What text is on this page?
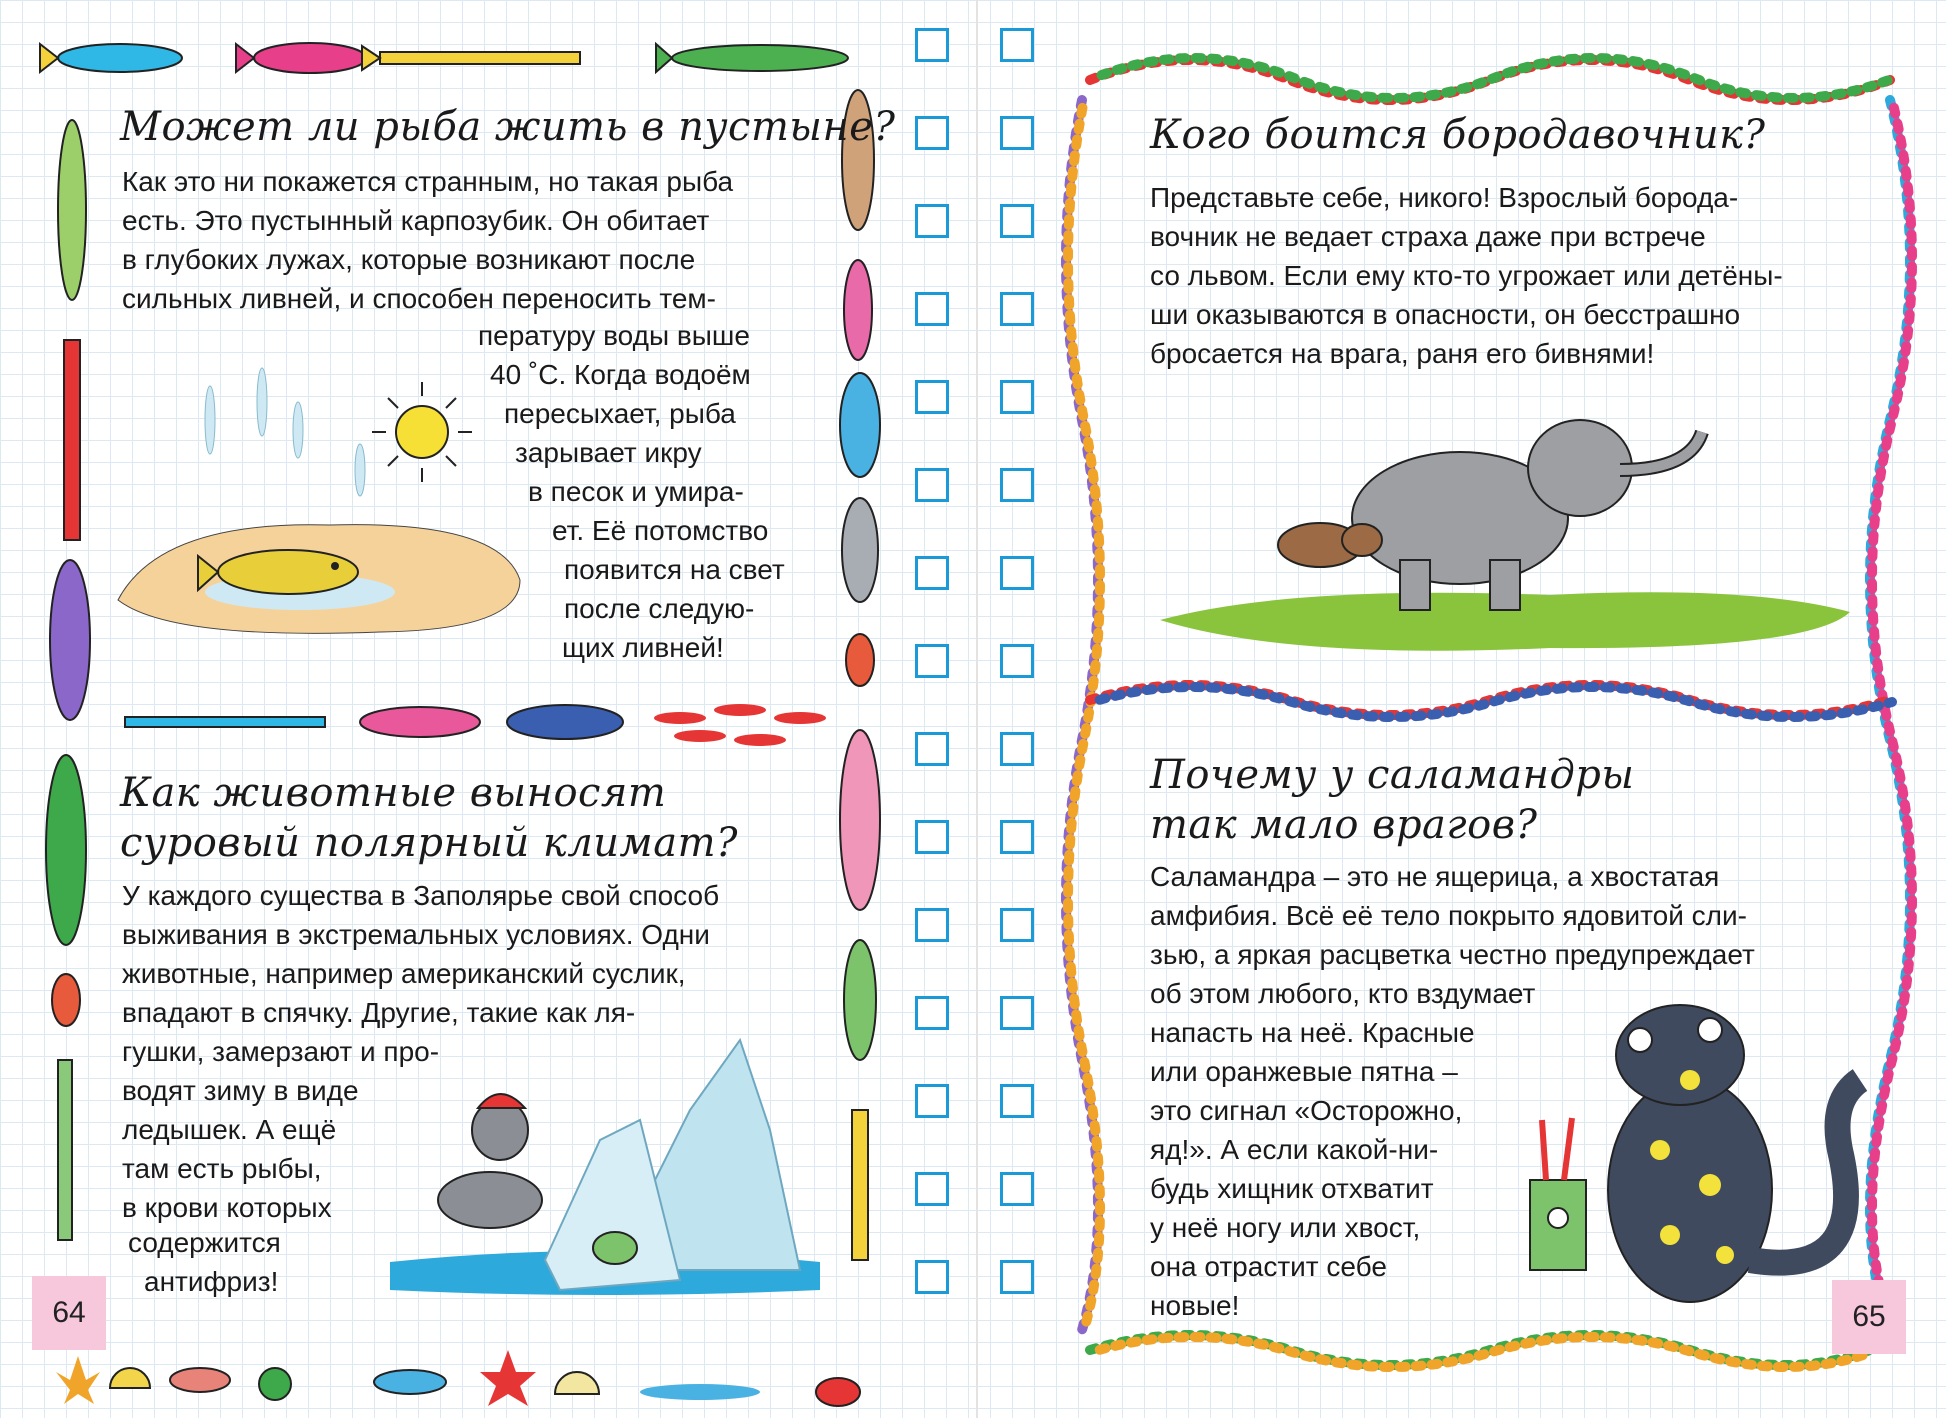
Может ли рыба жить в пустыне?

Как это ни покажется странным, но такая рыба
есть. Это пустынный карпозубик. Он обитает
в глубоких лужах, которые возникают после
сильных ливней, и способен переносить тем-

пературу воды выше
40 ˚С. Когда водоём
пересыхает, рыба
зарывает икру
в песок и умира-
ет. Её потомство
появится на свет
после следую-
щих ливней!
Как животные выносят
суровый полярный климат?

У каждого существа в Заполярье свой способ
выживания в экстремальных условиях. Одни
животные, например американский суслик,
впадают в спячку. Другие, такие как ля-
гушки, замерзают и про-
водят зиму в виде
ледышек. А ещё
там есть рыбы,
в крови которых

содержится
антифриз!
64
Кого боится бородавочник?

Представьте себе, никого! Взрослый борода-
вочник не ведает страха даже при встрече
со львом. Если ему кто-то угрожает или детёны-
ши оказываются в опасности, он бесстрашно
бросается на врага, раня его бивнями!

Почему у саламандры
так мало врагов?

Саламандра – это не ящерица, а хвостатая
амфибия. Всё её тело покрыто ядовитой сли-
зью, а яркая расцветка честно предупреждает
об этом любого, кто вздумает
напасть на неё. Красные
или оранжевые пятна –
это сигнал «Осторожно,
яд!». А если какой-ни-
будь хищник отхватит
у неё ногу или хвост,
она отрастит себе
новые!	65
